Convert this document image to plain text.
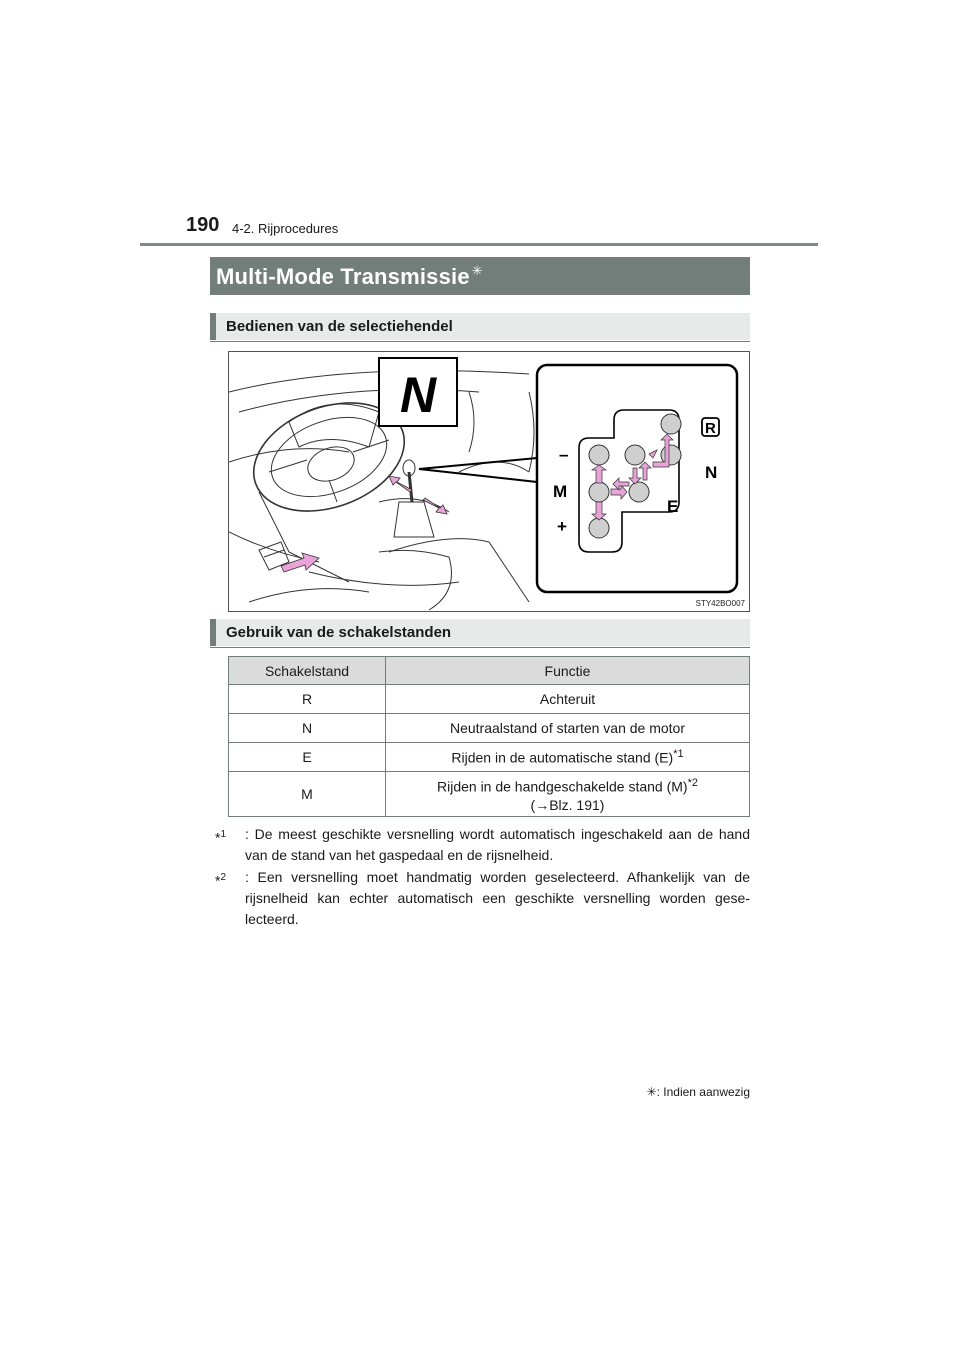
190 4-2. Rijprocedures
Multi-Mode Transmissie ✳
Bedienen van de selectiehendel
N
–
M
+
N
E
R
STY42BO007
Gebruik van de schakelstanden
Schakelstand	Functie
R	Achteruit
N	Neutraalstand of starten van de motor
E	Rijden in de automatische stand $(E)^{*1}$
M	Rijden in de handgeschakelde stand $(M)^{*2}$
(→Blz. 191)
*$^1$ : De meest geschikte versnelling wordt automatisch ingeschakeld aan de hand van de stand van het gaspedaal en de rijsnelheid.
*$^2$ : Een versnelling moet handmatig worden geselecteerd. Afhankelijk van de rijsnelheid kan echter automatisch een geschikte versnelling worden gese-lecteerd.
✳: Indien aanwezig
